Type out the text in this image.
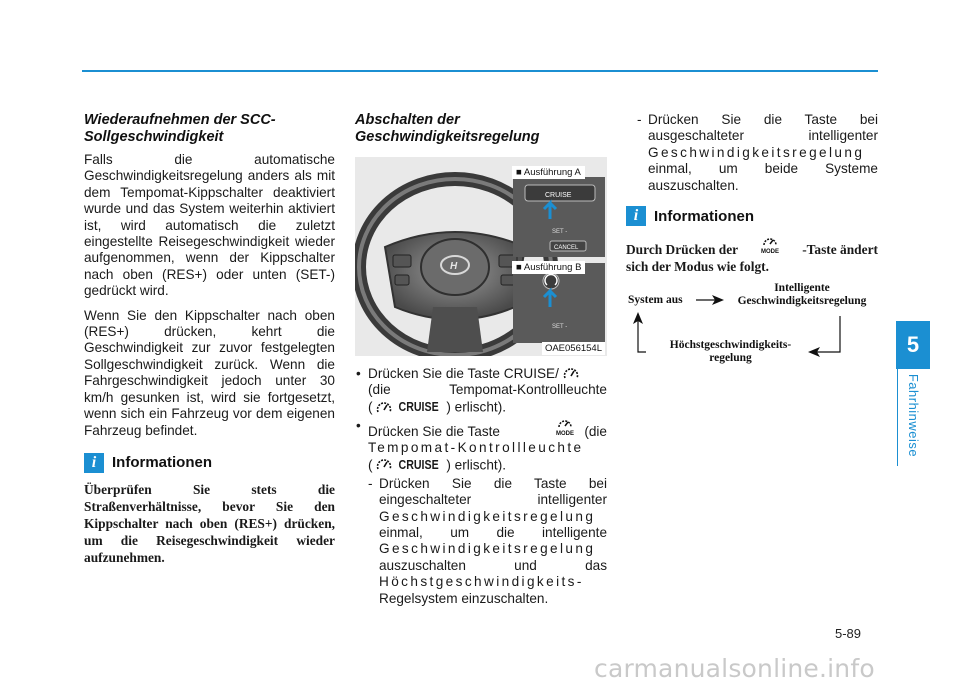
Wiederaufnehmen der SCC-Sollgeschwindigkeit

Falls die automatische Geschwindigkeitsregelung anders als mit dem Tempomat-Kippschalter deaktiviert wurde und das System weiterhin aktiviert ist, wird automatisch die zuletzt eingestellte Reisegeschwindigkeit wieder aufgenommen, wenn der Kippschalter nach oben (RES+) oder unten (SET-) gedrückt wird.

Wenn Sie den Kippschalter nach oben (RES+) drücken, kehrt die Geschwindigkeit zur zuvor festgelegten Sollgeschwindigkeit zurück. Wenn die Fahrgeschwindigkeit jedoch unter 30 km/h gesunken ist, wird sie fortgesetzt, wenn sich ein Fahrzeug vor dem eigenen Fahrzeug befindet.

i	Informationen

Überprüfen Sie stets die Straßenverhältnisse, bevor Sie den Kippschalter nach oben (RES+) drücken, um die Reisegeschwindigkeit wieder aufzunehmen.

Abschalten der Geschwindigkeitsregelung
H
CRUISE
SET -
CANCEL
SET -
■ Ausführung A
■ Ausführung B
OAE056154L
• Drücken Sie die Taste CRUISE/
(die Tempomat-Kontrollleuchte
( CRUISE ) erlischt).
• Drücken Sie die Taste	MODE (die
Tempomat-Kontrollleuchte
( CRUISE ) erlischt).
- Drücken Sie die Taste bei
eingeschalteter intelligenter
Geschwindigkeitsregelung
einmal, um die intelligente
Geschwindigkeitsregelung
auszuschalten und das
Höchstgeschwindigkeits-
Regelsystem einzuschalten.
- Drücken Sie die Taste bei
ausgeschalteter intelligenter
Geschwindigkeitsregelung
einmal, um beide Systeme
auszuschalten.
i	Informationen
Durch Drücken der	MODE -Taste ändert
sich der Modus wie folgt.
System aus
Intelligente
Geschwindigkeitsregelung
Höchstgeschwindigkeits-
regelung
5
Fahrhinweise
5-89
carmanualsonline.info
